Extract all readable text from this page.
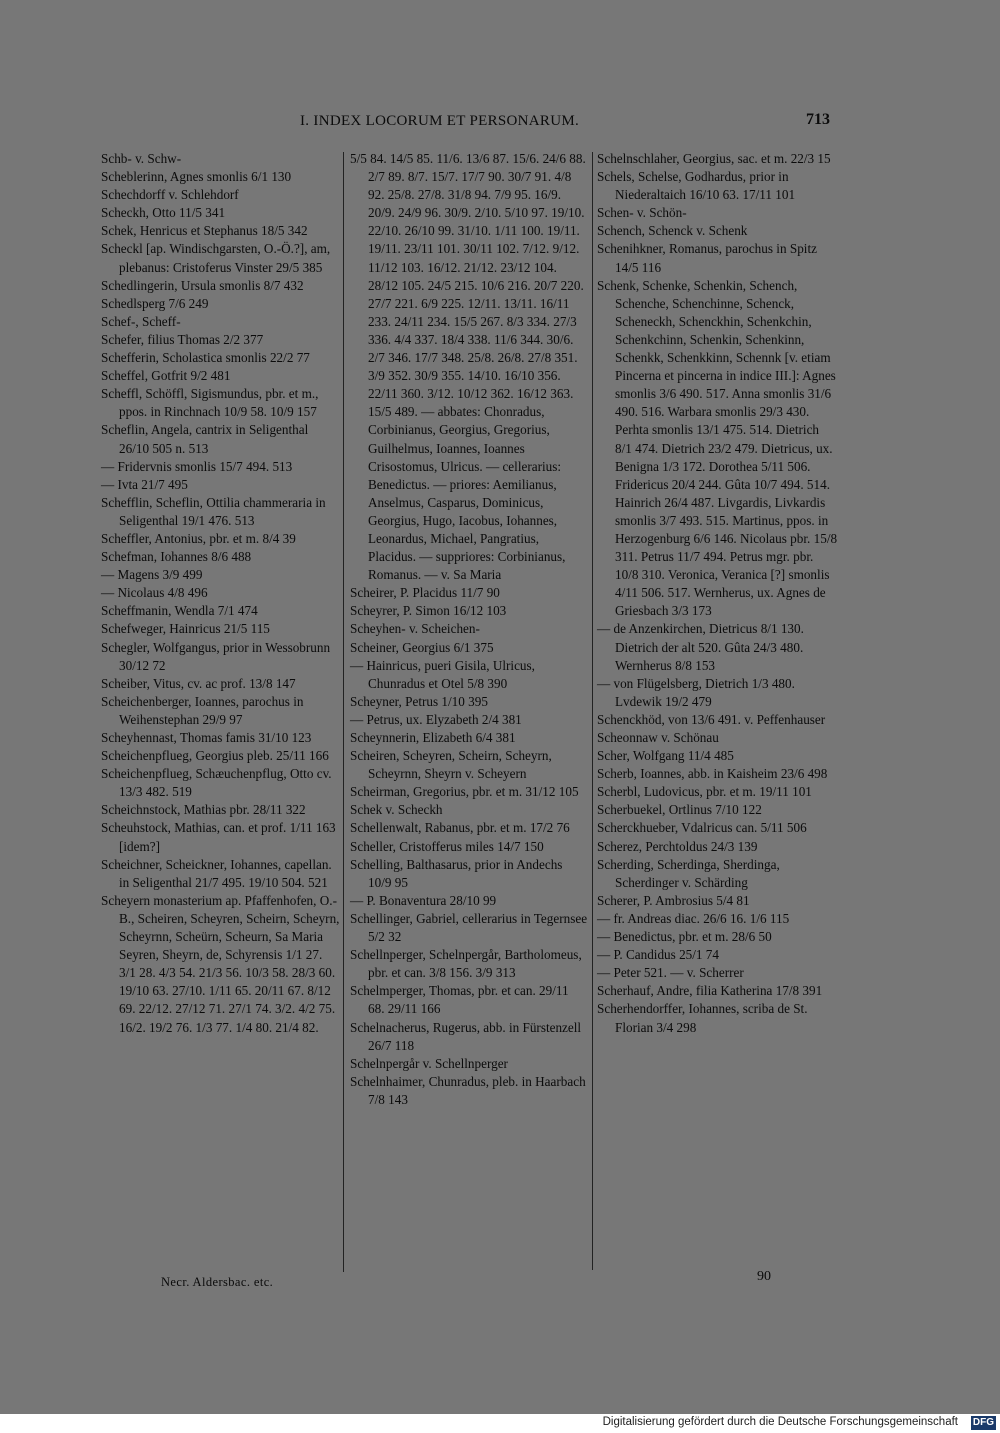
I. INDEX LOCORUM ET PERSONARUM.	713
Schb- v. Schw-
Scheblerinn, Agnes smonlis 6/1 130
Schechdorff v. Schlehdorf
Scheckh, Otto 11/5 341
Schek, Henricus et Stephanus 18/5 342
Scheckl [ap. Windischgarsten, O.-Ö.?], am, plebanus: Cristoferus Vinster 29/5 385
Schedlingerin, Ursula smonlis 8/7 432
Schedlsperg 7/6 249
Schef-, Scheff-
Schefer, filius Thomas 2/2 377
Schefferin, Scholastica smonlis 22/2 77
Scheffel, Gotfrit 9/2 481
Scheffl, Schöffl, Sigismundus, pbr. et m., ppos. in Rinchnach 10/9 58. 10/9 157
Scheflin, Angela, cantrix in Seligenthal 26/10 505 n. 513
— Fridervnis smonlis 15/7 494. 513
— Ivta 21/7 495
Schefflin, Scheflin, Ottilia chammeraria in Seligenthal 19/1 476. 513
Scheffler, Antonius, pbr. et m. 8/4 39
Schefman, Iohannes 8/6 488
— Magens 3/9 499
— Nicolaus 4/8 496
Scheffmanin, Wendla 7/1 474
Schefweger, Hainricus 21/5 115
Schegler, Wolfgangus, prior in Wessobrunn 30/12 72
Scheiber, Vitus, cv. ac prof. 13/8 147
Scheichenberger, Ioannes, parochus in Weihenstephan 29/9 97
Scheyhennast, Thomas famis 31/10 123
Scheichenpflueg, Georgius pleb. 25/11 166
Scheichenpflueg, Schæuchenpflug, Otto cv. 13/3 482. 519
Scheichnstock, Mathias pbr. 28/11 322
Scheuhstock, Mathias, can. et prof. 1/11 163 [idem?]
Scheichner, Scheickner, Iohannes, capellan. in Seligenthal 21/7 495. 19/10 504. 521
Scheyern monasterium ap. Pfaffenhofen, O.-B., Scheiren, Scheyren, Scheirn, Scheyrn, Scheyrnn, Scheürn, Scheurn, Sa Maria Seyren, Sheyrn, de, Schyrensis 1/1 27. 3/1 28. 4/3 54. 21/3 56. 10/3 58. 28/3 60. 19/10 63. 27/10. 1/11 65. 20/11 67. 8/12 69. 22/12. 27/12 71. 27/1 74. 3/2. 4/2 75. 16/2. 19/2 76. 1/3 77. 1/4 80. 21/4 82.
5/5 84. 14/5 85. 11/6. 13/6 87. 15/6. 24/6 88. 2/7 89. 8/7. 15/7. 17/7 90. 30/7 91. 4/8 92. 25/8. 27/8. 31/8 94. 7/9 95. 16/9. 20/9. 24/9 96. 30/9. 2/10. 5/10 97. 19/10. 22/10. 26/10 99. 31/10. 1/11 100. 19/11. 19/11. 23/11 101. 30/11 102. 7/12. 9/12. 11/12 103. 16/12. 21/12. 23/12 104. 28/12 105. 24/5 215. 10/6 216. 20/7 220. 27/7 221. 6/9 225. 12/11. 13/11. 16/11 233. 24/11 234. 15/5 267. 8/3 334. 27/3 336. 4/4 337. 18/4 338. 11/6 344. 30/6. 2/7 346. 17/7 348. 25/8. 26/8. 27/8 351. 3/9 352. 30/9 355. 14/10. 16/10 356. 22/11 360. 3/12. 10/12 362. 16/12 363. 15/5 489. — abbates: Chonradus, Corbinianus, Georgius, Gregorius, Guilhelmus, Ioannes, Ioannes Crisostomus, Ulricus. — cellerarius: Benedictus. — priores: Aemilianus, Anselmus, Casparus, Dominicus, Georgius, Hugo, Iacobus, Iohannes, Leonardus, Michael, Pangratius, Placidus. — suppriores: Corbinianus, Romanus. — v. Sa Maria
Scheirer, P. Placidus 11/7 90
Scheyrer, P. Simon 16/12 103
Scheyhen- v. Scheichen-
Scheiner, Georgius 6/1 375
— Hainricus, pueri Gisila, Ulricus, Chunradus et Otel 5/8 390
Scheyner, Petrus 1/10 395
— Petrus, ux. Elyzabeth 2/4 381
Scheynnerin, Elizabeth 6/4 381
Scheiren, Scheyren, Scheirn, Scheyrn, Scheyrnn, Sheyrn v. Scheyern
Scheirman, Gregorius, pbr. et m. 31/12 105
Schek v. Scheckh
Schellenwalt, Rabanus, pbr. et m. 17/2 76
Scheller, Cristofferus miles 14/7 150
Schelling, Balthasarus, prior in Andechs 10/9 95
— P. Bonaventura 28/10 99
Schellinger, Gabriel, cellerarius in Tegernsee 5/2 32
Schellnperger, Schelnpergår, Bartholomeus, pbr. et can. 3/8 156. 3/9 313
Schelmperger, Thomas, pbr. et can. 29/11 68. 29/11 166
Schelnacherus, Rugerus, abb. in Fürstenzell 26/7 118
Schelnpergår v. Schellnperger
Schelnhaimer, Chunradus, pleb. in Haarbach 7/8 143
Schelnschlaher, Georgius, sac. et m. 22/3 15
Schels, Schelse, Godhardus, prior in Niederaltaich 16/10 63. 17/11 101
Schen- v. Schön-
Schench, Schenck v. Schenk
Schenihkner, Romanus, parochus in Spitz 14/5 116
Schenk, Schenke, Schenkin, Schench, Schenche, Schenchinne, Schenck, Scheneckh, Schenckhin, Schenkchin, Schenkchinn, Schenkin, Schenkinn, Schenkk, Schenkkinn, Schennk [v. etiam Pincerna et pincerna in indice III.]: Agnes smonlis 3/6 490. 517. Anna smonlis 31/6 490. 516. Warbara smonlis 29/3 430. Perhta smonlis 13/1 475. 514. Dietrich 8/1 474. Dietrich 23/2 479. Dietricus, ux. Benigna 1/3 172. Dorothea 5/11 506. Fridericus 20/4 244. Gûta 10/7 494. 514. Hainrich 26/4 487. Livgardis, Livkardis smonlis 3/7 493. 515. Martinus, ppos. in Herzogenburg 6/6 146. Nicolaus pbr. 15/8 311. Petrus 11/7 494. Petrus mgr. pbr. 10/8 310. Veronica, Veranica [?] smonlis 4/11 506. 517. Wernherus, ux. Agnes de Griesbach 3/3 173
— de Anzenkirchen, Dietricus 8/1 130. Dietrich der alt 520. Gûta 24/3 480. Wernherus 8/8 153
— von Flügelsberg, Dietrich 1/3 480. Lvdewik 19/2 479
Schenckhöd, von 13/6 491. v. Peffenhauser
Scheonnaw v. Schönau
Scher, Wolfgang 11/4 485
Scherb, Ioannes, abb. in Kaisheim 23/6 498
Scherbl, Ludovicus, pbr. et m. 19/11 101
Scherbuekel, Ortlinus 7/10 122
Scherckhueber, Vdalricus can. 5/11 506
Scherez, Perchtoldus 24/3 139
Scherding, Scherdinga, Sherdinga, Scherdinger v. Schärding
Scherer, P. Ambrosius 5/4 81
— fr. Andreas diac. 26/6 16. 1/6 115
— Benedictus, pbr. et m. 28/6 50
— P. Candidus 25/1 74
— Peter 521. — v. Scherrer
Scherhauf, Andre, filia Katherina 17/8 391
Scherhendorffer, Iohannes, scriba de St. Florian 3/4 298
Necr. Aldersbac. etc.	90
Digitalisierung gefördert durch die Deutsche Forschungsgemeinschaft DFG
